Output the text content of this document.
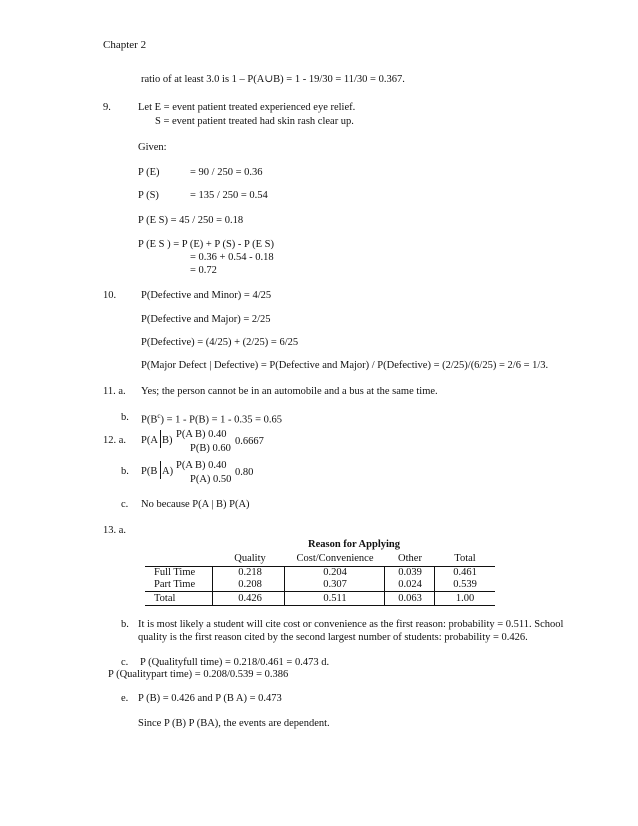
Chapter 2
ratio of at least 3.0 is 1 – P(A∪B) = 1 - 19/30 = 11/30 = 0.367.
9.	Let E = event patient treated experienced eye relief.
S = event patient treated had skin rash clear up.
Given:
P (E)	= 90 / 250 = 0.36
P (S)	= 135 / 250 = 0.54
P (E S) = 45 / 250 = 0.18
P (E S ) = P (E) + P (S) - P (E S)
= 0.36 + 0.54 - 0.18
= 0.72
10. P(Defective and Minor) = 4/25
P(Defective and Major) = 2/25
P(Defective) = (4/25) + (2/25) = 6/25
P(Major Defect | Defective) = P(Defective and Major) / P(Defective) = (2/25)/(6/25) = 2/6 = 1/3.
11. a. Yes; the person cannot be in an automobile and a bus at the same time.
b. $P(B^c) = 1 - P(B) = 1 - 0.35 = 0.65$
12. a. P(A B)
P(A B) 0.40
P(B) 0.60
0.6667
b. P(B A)
P(A B) 0.40
P(A) 0.50
0.80
c. No because P(A | B) P(A)
13. a.
Reason for Applying
Quality	Cost/Convenience	Other	Total
Full Time	0.218	0.204	0.039	0.461
Part Time	0.208	0.307	0.024	0.539
Total	0.426	0.511	0.063	1.00
b. It is most likely a student will cite cost or convenience as the first reason: probability = 0.511. School
quality is the first reason cited by the second largest number of students: probability = 0.426.
c. P (Qualityfull time) = 0.218/0.461 = 0.473 d.
P (Qualitypart time) = 0.208/0.539 = 0.386
e. P (B) = 0.426 and P (B A) = 0.473
Since P (B) P (BA), the events are dependent.
